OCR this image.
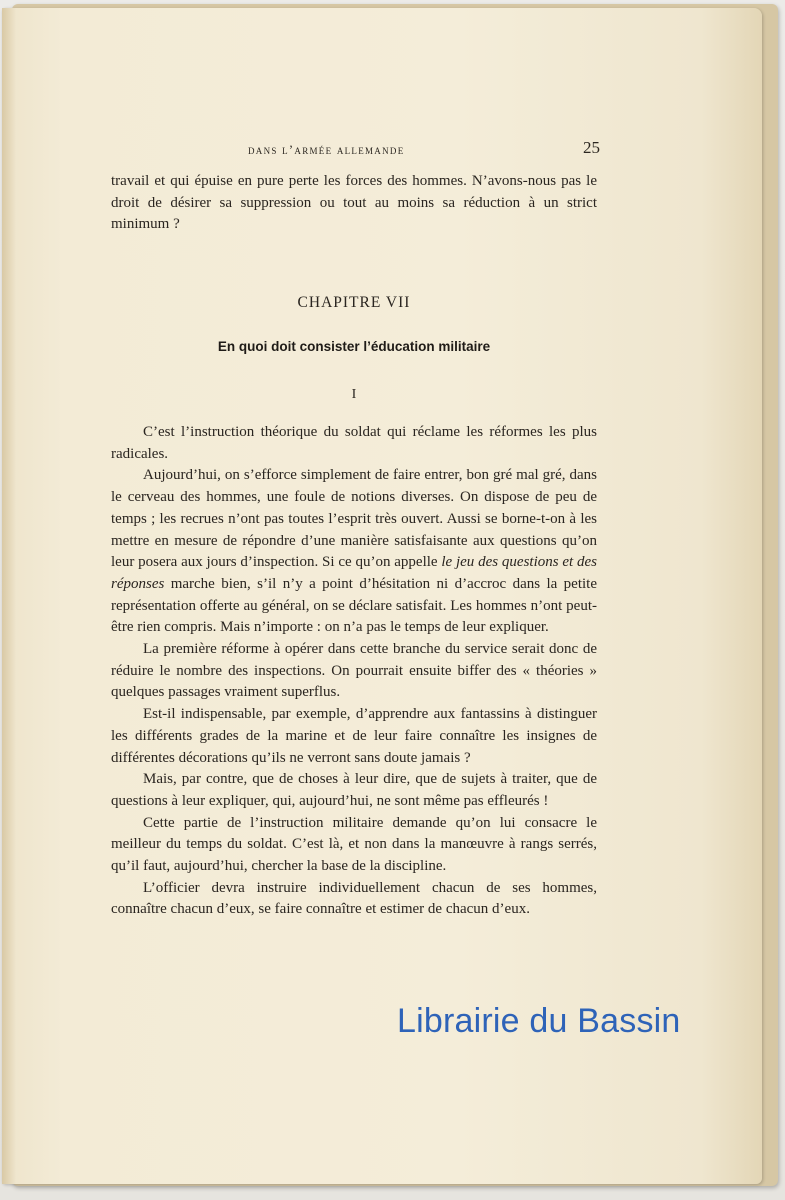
dans l’armée allemande	25

travail et qui épuise en pure perte les forces des hommes. N’avons-nous pas le droit de désirer sa suppression ou tout au moins sa réduction à un strict minimum ?

CHAPITRE VII
En quoi doit consister l’éducation militaire
I

C’est l’instruction théorique du soldat qui réclame les réformes les plus radicales.

Aujourd’hui, on s’efforce simplement de faire entrer, bon gré mal gré, dans le cerveau des hommes, une foule de notions diverses. On dispose de peu de temps ; les recrues n’ont pas toutes l’esprit très ouvert. Aussi se borne-t-on à les mettre en mesure de répondre d’une manière satisfaisante aux questions qu’on leur posera aux jours d’inspection. Si ce qu’on appelle le jeu des questions et des réponses marche bien, s’il n’y a point d’hésitation ni d’accroc dans la petite représentation offerte au général, on se déclare satisfait. Les hommes n’ont peut-être rien compris. Mais n’importe : on n’a pas le temps de leur expliquer.

La première réforme à opérer dans cette branche du service serait donc de réduire le nombre des inspections. On pourrait ensuite biffer des « théories » quelques passages vraiment superflus.

Est-il indispensable, par exemple, d’apprendre aux fantassins à distinguer les différents grades de la marine et de leur faire connaître les insignes de différentes décorations qu’ils ne verront sans doute jamais ?

Mais, par contre, que de choses à leur dire, que de sujets à traiter, que de questions à leur expliquer, qui, aujourd’hui, ne sont même pas effleurés !

Cette partie de l’instruction militaire demande qu’on lui consacre le meilleur du temps du soldat. C’est là, et non dans la manœuvre à rangs serrés, qu’il faut, aujourd’hui, chercher la base de la discipline.

L’officier devra instruire individuellement chacun de ses hommes, connaître chacun d’eux, se faire connaître et estimer de chacun d’eux.

Librairie du Bassin
